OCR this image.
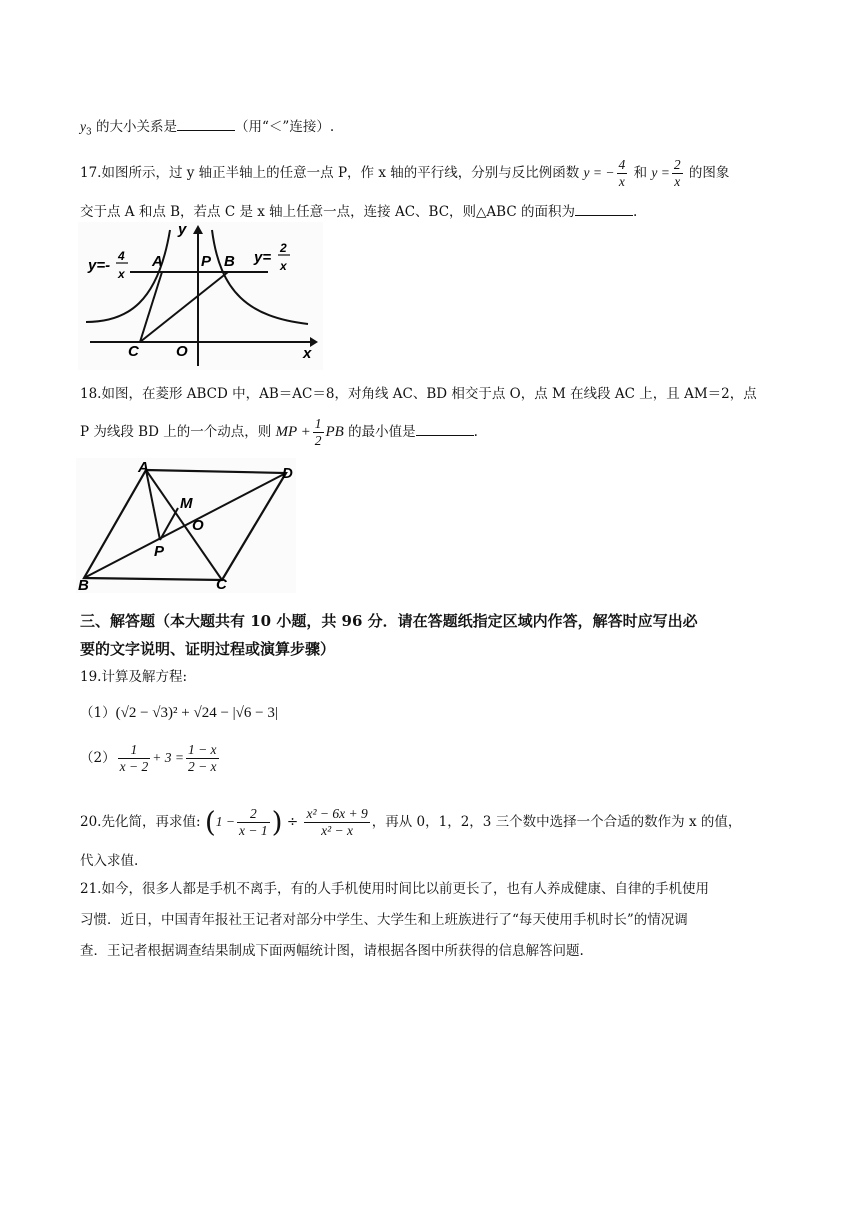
$y_3$ 的大小关系是	（用“＜”连接）.
17.如图所示，过 y 轴正半轴上的任意一点 P，作 x 轴的平行线，分别与反比例函数 y = − $\frac{4}{x}$ 和 $y = \frac{2}{x}$ 的图象
交于点 A 和点 B，若点 C 是 x 轴上任意一点，连接 AC、BC，则△ABC 的面积为	.
y=-
4
x
y=
2
x
y
x
A	P B
C O
18.如图，在菱形 ABCD 中，AB＝AC＝8，对角线 AC、BD 相交于点 O，点 M 在线段 AC 上，且 AM＝2，点
P 为线段 BD 上的一个动点，则 MP + $\frac{1}{2}$ PB 的最小值是	.
A	D
M
O
P
B	C
三、解答题（本大题共有 10 小题，共 96 分．请在答题纸指定区域内作答，解答时应写出必
要的文字说明、证明过程或演算步骤）
19.计算及解方程:
（1）(√2 − √3)² + √24 − |√6 − 3|
$(2) \frac{1}{x - 2} + 3 = \frac{1 - x}{2 - x}$
20.先化简，再求值: ($1 - \frac{2}{x - 1}$ ) ÷ $\frac{\text{x² − 6x + 9}}{\text{x² − x}}$ ，再从 0，1，2，3 三个数中选择一个合适的数作为 x 的值，
代入求值.
21.如今，很多人都是手机不离手，有的人手机使用时间比以前更长了，也有人养成健康、自律的手机使用
习惯．近日，中国青年报社王记者对部分中学生、大学生和上班族进行了“每天使用手机时长”的情况调
查．王记者根据调查结果制成下面两幅统计图，请根据各图中所获得的信息解答问题.
